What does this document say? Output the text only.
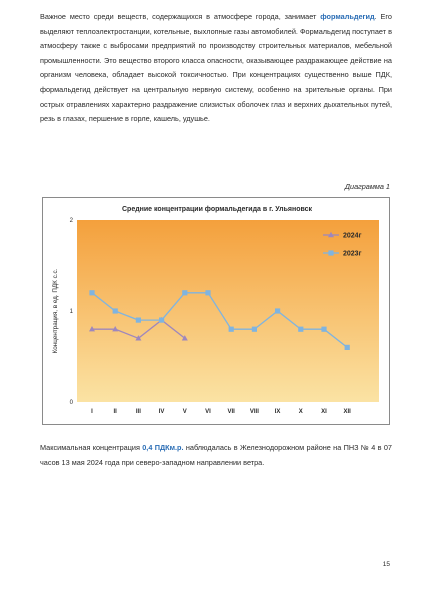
Важное место среди веществ, содержащихся в атмосфере города, занимает формальдегид. Его выделяют теплоэлектростанции, котельные, выхлопные газы автомобилей. Формальдегид поступает в атмосферу также с выбросами предприятий по производству строительных материалов, мебельной промышленности. Это вещество второго класса опасности, оказывающее раздражающее действие на организм человека, обладает высокой токсичностью. При концентрациях существенно выше ПДК, формальдегид действует на центральную нервную систему, особенно на зрительные органы. При острых отравлениях характерно раздражение слизистых оболочек глаз и верхних дыхательных путей, резь в глазах, першение в горле, кашель, удушье.

Диаграмма 1

Средние концентрации формальдегида в г. Ульяновск
Концентрация, в ед. ПДК с.с.
0
1
2
I	II	III	IV	V	VI	VII	VIII	IX	X	XI	XII
2024г
2023г

Максимальная концентрация 0,4 ПДКм.р. наблюдалась в Железнодорожном районе на ПНЗ № 4 в 07 часов 13 мая 2024 года при северо-западном направлении ветра.

15
